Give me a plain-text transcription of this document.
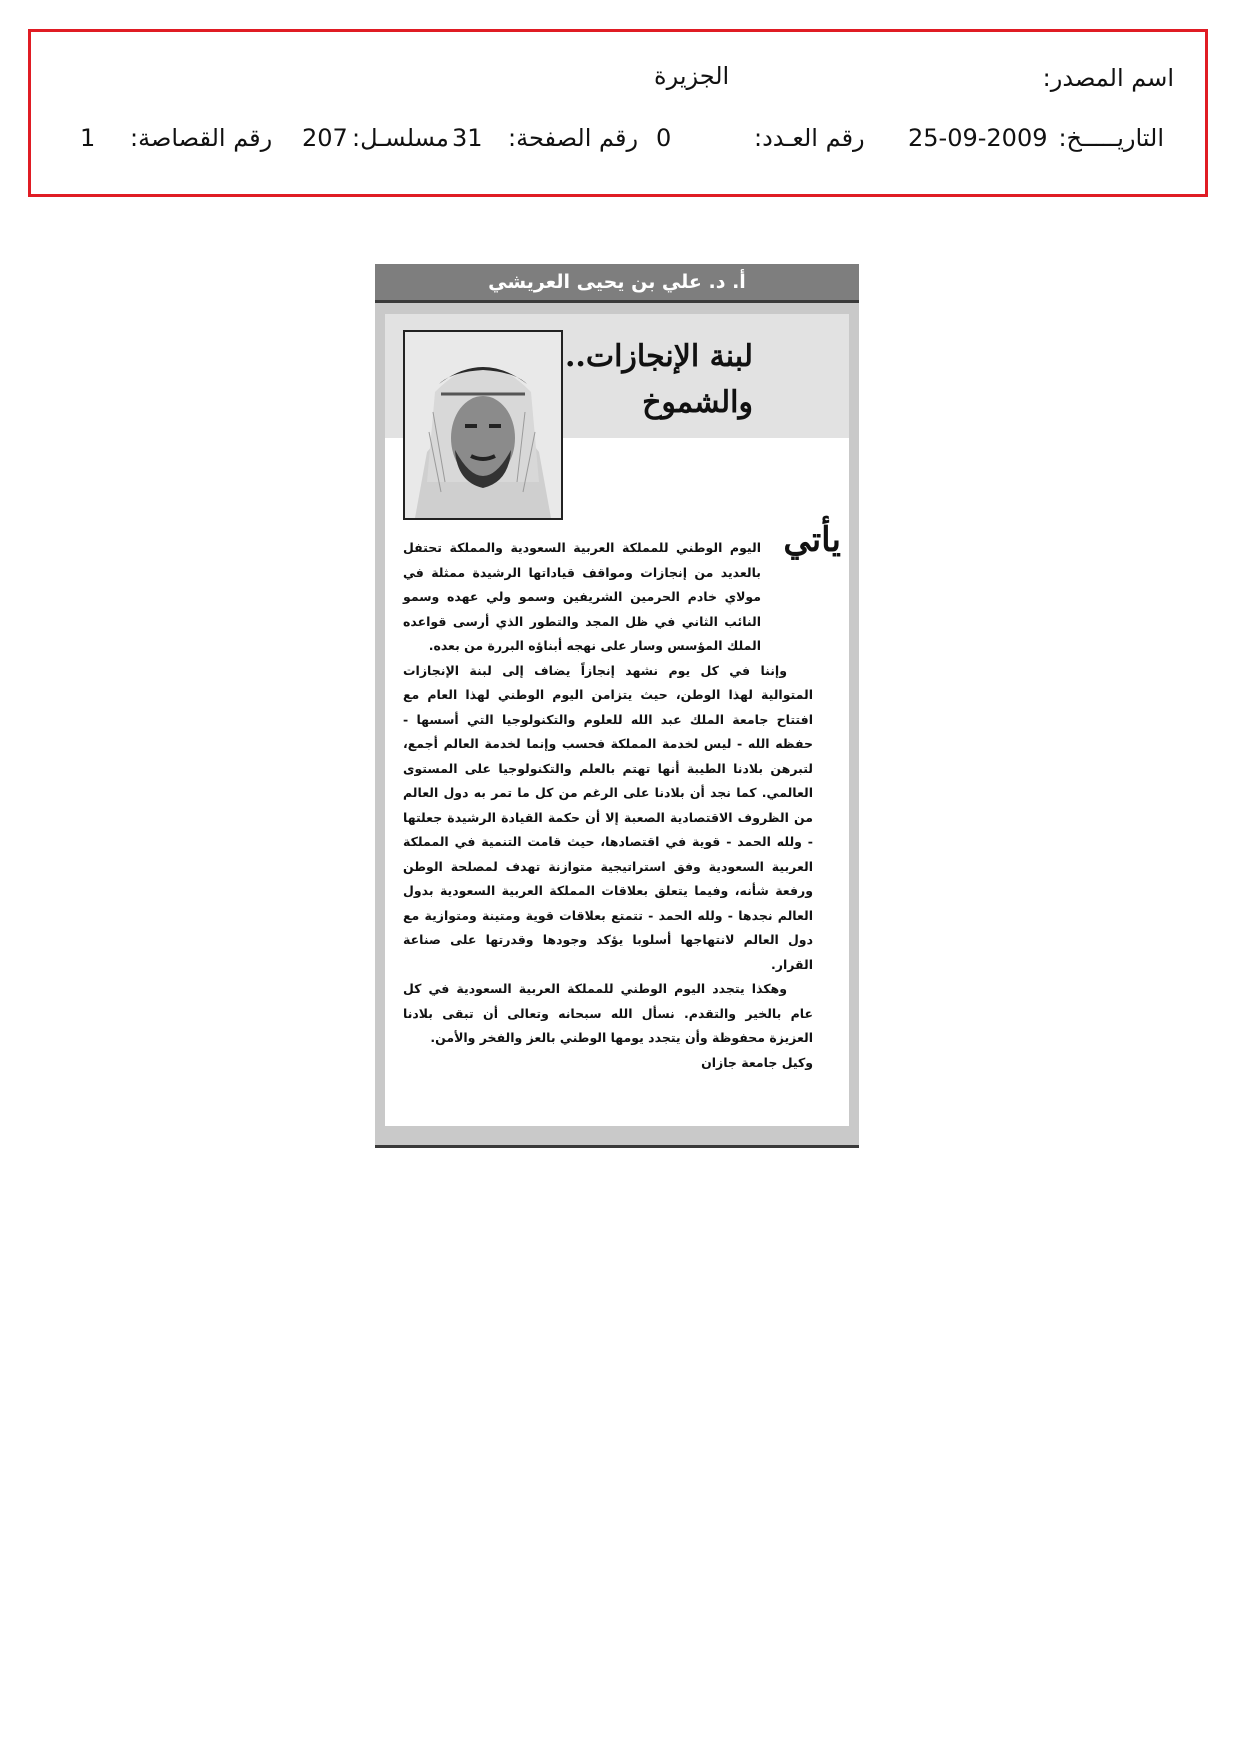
اسم المصدر:
الجزيرة
التاريـــــخ:
25-09-2009
رقم العـدد:
0
رقم الصفحة:
31
مسلسـل:
207
رقم القصاصة:
1
أ. د. علي بن يحيى العريشي
لبنة الإنجازات..
والشموخ
يأتي

اليوم الوطني للمملكة العربية السعودية والمملكة تحتفل بالعديد من إنجازات ومواقف قياداتها الرشيدة ممثلة في مولاي خادم الحرمين الشريفين وسمو ولي عهده وسمو النائب الثاني في ظل المجد والتطور الذي أرسى قواعده الملك المؤسس وسار على نهجه أبناؤه البررة من بعده.

وإننا في كل يوم نشهد إنجازاً يضاف إلى لبنة الإنجازات المتوالية لهذا الوطن، حيث يتزامن اليوم الوطني لهذا العام مع افتتاح جامعة الملك عبد الله للعلوم والتكنولوجيا التي أسسها - حفظه الله - ليس لخدمة المملكة فحسب وإنما لخدمة العالم أجمع، لتبرهن بلادنا الطيبة أنها تهتم بالعلم والتكنولوجيا على المستوى العالمي. كما نجد أن بلادنا على الرغم من كل ما تمر به دول العالم من الظروف الاقتصادية الصعبة إلا أن حكمة القيادة الرشيدة جعلتها - ولله الحمد - قوية في اقتصادها، حيث قامت التنمية في المملكة العربية السعودية وفق استراتيجية متوازنة تهدف لمصلحة الوطن ورفعة شأنه، وفيما يتعلق بعلاقات المملكة العربية السعودية بدول العالم نجدها - ولله الحمد - تتمتع بعلاقات قوية ومتينة ومتوازية مع دول العالم لانتهاجها أسلوبا يؤكد وجودها وقدرتها على صناعة القرار.

وهكذا يتجدد اليوم الوطني للمملكة العربية السعودية في كل عام بالخير والتقدم. نسأل الله سبحانه وتعالى أن تبقى بلادنا العزيزة محفوظة وأن يتجدد يومها الوطني بالعز والفخر والأمن.

وكيل جامعة جازان
